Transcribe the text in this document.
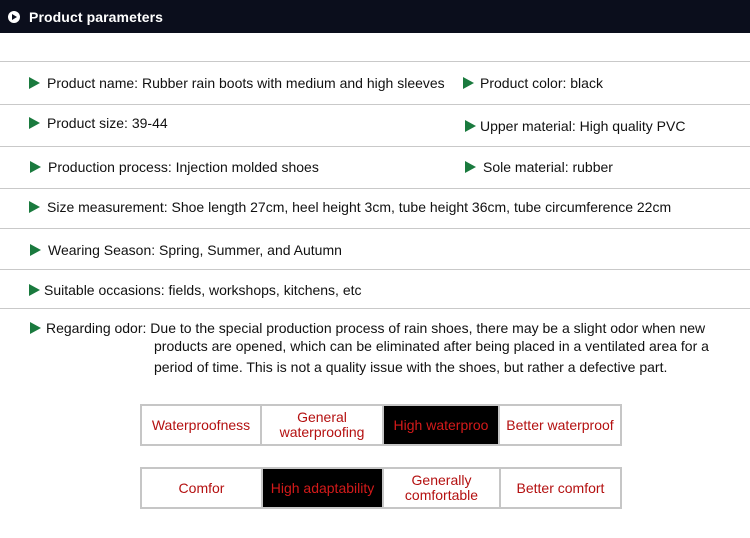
Product parameters
Product name : Rubber rain boots with medium and high sleeves	Product color : black
Product size : 39-44	Upper material : High quality PVC
Production process : Injection molded shoes	Sole material : rubber
Size measurement : Shoe length 27cm, heel height 3cm, tube height 36cm, tube circumference 22cm
Wearing Season : Spring, Summer, and Autumn
Suitable occasions : fields, workshops, kitchens, etc
Regarding odor : Due to the special production process of rain shoes, there may be a slight odor when new
products are opened, which can be eliminated after being placed in a ventilated area for a
period of time. This is not a quality issue with the shoes, but rather a defective part.
Waterproofness	General waterproofing	High waterproo	Better waterproof
Comfor	High adaptability	Generally comfortable	Better comfort
